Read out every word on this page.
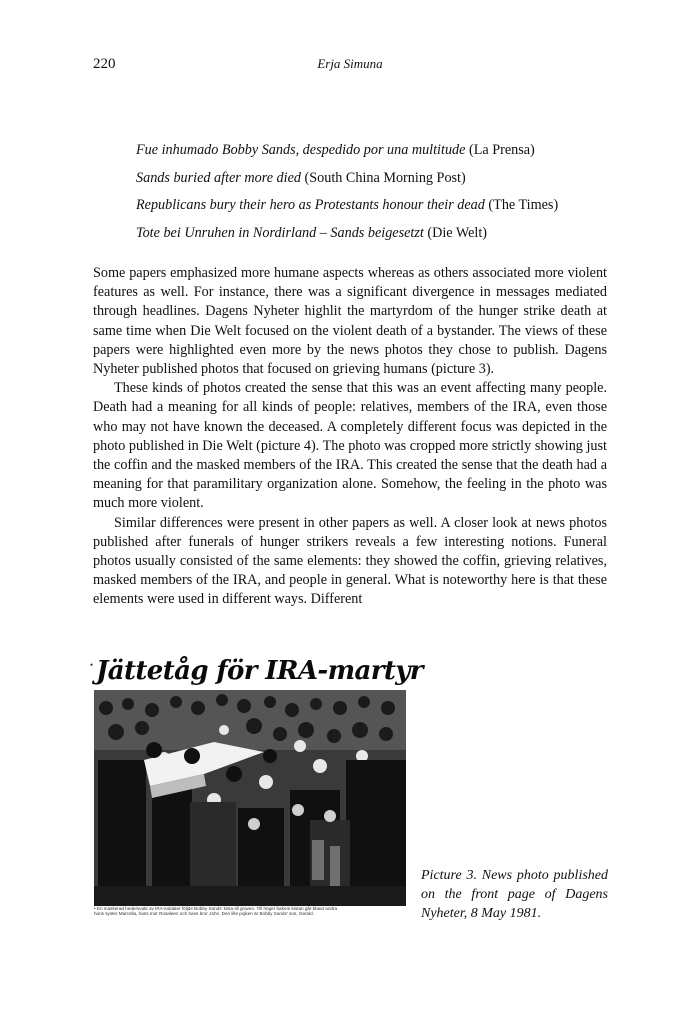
220	Erja Simuna
Fue inhumado Bobby Sands, despedido por una multitude (La Prensa)
Sands buried after more died (South China Morning Post)
Republicans bury their hero as Protestants honour their dead (The Times)
Tote bei Unruhen in Nordirland – Sands beigesetzt (Die Welt)

Some papers emphasized more humane aspects whereas as others associated more violent features as well. For instance, there was a significant divergence in messages mediated through headlines. Dagens Nyheter highlit the martyrdom of the hunger strike death at same time when Die Welt focused on the violent death of a bystander. The views of these papers were highlighted even more by the news photos they chose to publish. Dagens Nyheter published photos that focused on grieving humans (picture 3).

These kinds of photos created the sense that this was an event affecting many people. Death had a meaning for all kinds of people: relatives, members of the IRA, even those who may not have known the deceased. A completely different focus was depicted in the photo published in Die Welt (picture 4). The photo was cropped more strictly showing just the coffin and the masked members of the IRA. This created the sense that the death had a meaning for that paramilitary organization alone. Somehow, the feeling in the photo was much more violent.

Similar differences were present in other papers as well. A closer look at news photos published after funerals of hunger strikers reveals a few interesting notions. Funeral photos usually consisted of the same elements: they showed the coffin, grieving relatives, masked members of the IRA, and people in general. What is noteworthy here is that these elements were used in different ways. Different

• Jättetåg för IRA-martyr
• En maskerad hedersvakt av IRA-soldater följde Bobby Sands' kista till graven. Till höger bakom kistan går bland andra
hans syster Marcella, hans mor Rosaleen och hans bror John. Den lille pojken är Bobby Sands' son, Gerald.
Picture 3. News photo published on the front page of Dagens Nyheter, 8 May 1981.
